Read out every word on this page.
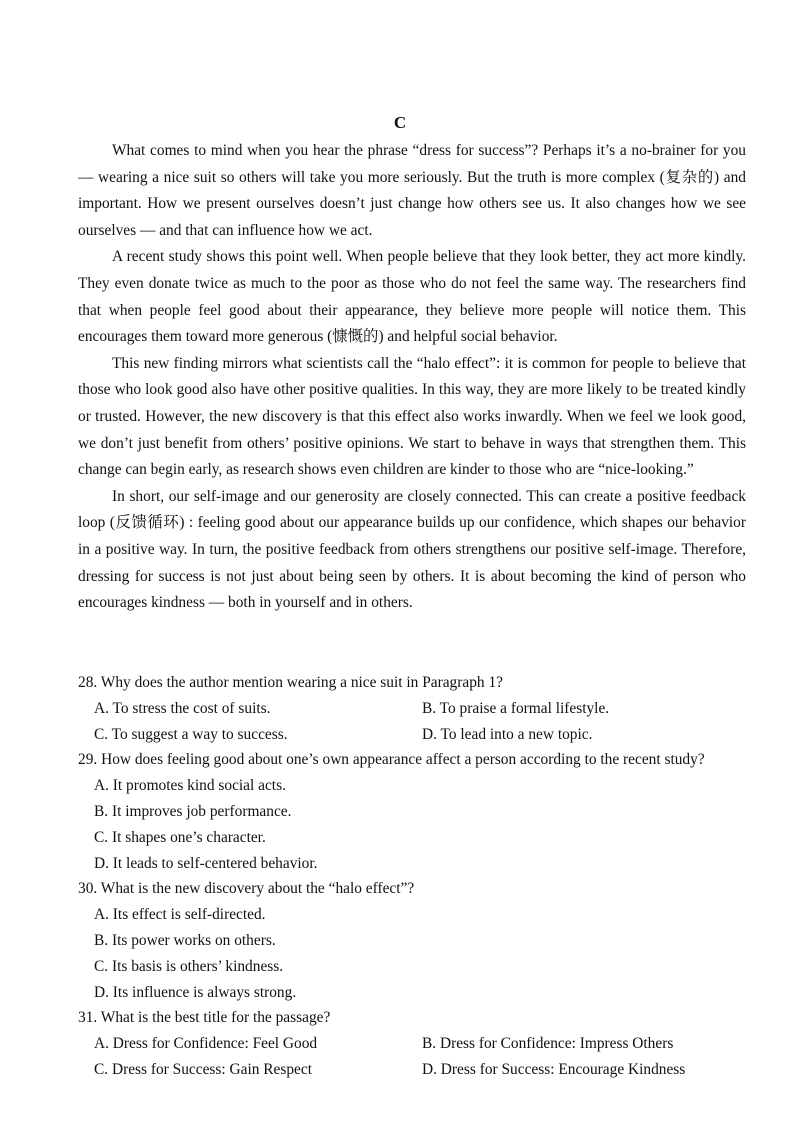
C

What comes to mind when you hear the phrase “dress for success”? Perhaps it’s a no-brainer for you — wearing a nice suit so others will take you more seriously. But the truth is more complex (复杂的) and important. How we present ourselves doesn’t just change how others see us. It also changes how we see ourselves — and that can influence how we act.

A recent study shows this point well. When people believe that they look better, they act more kindly. They even donate twice as much to the poor as those who do not feel the same way. The researchers find that when people feel good about their appearance, they believe more people will notice them. This encourages them toward more generous (慷慨的) and helpful social behavior.

This new finding mirrors what scientists call the “halo effect”: it is common for people to believe that those who look good also have other positive qualities. In this way, they are more likely to be treated kindly or trusted. However, the new discovery is that this effect also works inwardly. When we feel we look good, we don’t just benefit from others’ positive opinions. We start to behave in ways that strengthen them. This change can begin early, as research shows even children are kinder to those who are “nice-looking.”

In short, our self-image and our generosity are closely connected. This can create a positive feedback loop (反馈循环) : feeling good about our appearance builds up our confidence, which shapes our behavior in a positive way. In turn, the positive feedback from others strengthens our positive self-image. Therefore, dressing for success is not just about being seen by others. It is about becoming the kind of person who encourages kindness — both in yourself and in others.

28. Why does the author mention wearing a nice suit in Paragraph 1?

A. To stress the cost of suits.	B. To praise a formal lifestyle.

C. To suggest a way to success.	D. To lead into a new topic.

29. How does feeling good about one’s own appearance affect a person according to the recent study?

A. It promotes kind social acts.

B. It improves job performance.

C. It shapes one’s character.

D. It leads to self-centered behavior.

30. What is the new discovery about the “halo effect”?

A. Its effect is self-directed.

B. Its power works on others.

C. Its basis is others’ kindness.

D. Its influence is always strong.

31. What is the best title for the passage?

A. Dress for Confidence: Feel Good	B. Dress for Confidence: Impress Others

C. Dress for Success: Gain Respect	D. Dress for Success: Encourage Kindness
